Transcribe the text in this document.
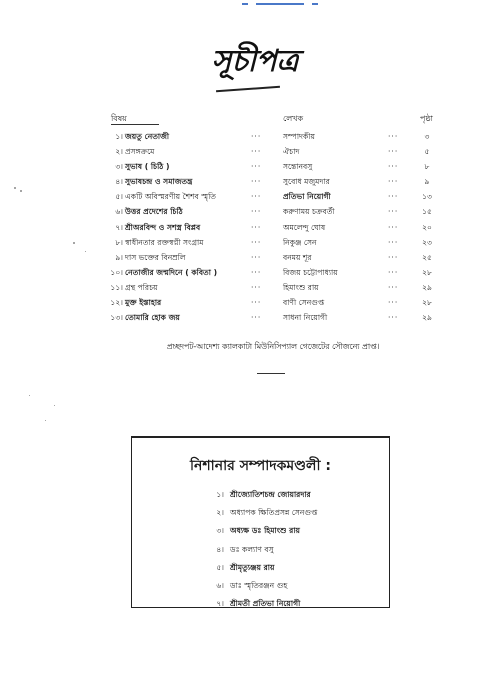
সূচীপত্র
বিষয়	লেখক	পৃষ্ঠা
১। জয়তু নেতাজী	···	সম্পাদকীয়	···	৩
২। প্রসঙ্গক্রমে	···	ঐচাদ	···	৫
৩। সুভাষ ( চিঠি )	···	সন্তোনবসু	···	৮
৪। সুভাষচন্দ্র ও সমাজতন্ত্র	···	সুবোধ মজুমদার	···	৯
৫। একটি অবিস্মরণীয় শৈশব স্মৃতি	···	প্রতিভা নিয়োগী	···	১৩
৬। উত্তর প্রদেশের চিঠি	···	করুণাময় চক্রবর্তী	···	১৫
৭। শ্রীঅরবিন্দ ও সশস্ত্র বিপ্লব	···	অমলেন্দু ঘোষ	···	২০
৮। স্বাধীনতার রক্তস্বপ্নী সংগ্রাম	···	নিকুঞ্জ সেন	···	২৩
৯। দাস ভক্তের বিনম্রলি	···	বনময় শূর	···	২৫
১০। নেতাজীর জন্মদিনে ( কবিতা )	···	বিজয় চট্টোপাধ্যায়	···	২৮
১১। গ্রন্থ পরিচয়	···	হিমাংশু রায়	···	২৯
১২। মুক্ত ইস্তাহার	···	বাণী সেনগুপ্ত	···	২৮
১৩। তোমারি হোক জয়	···	সাধনা নিয়োগী	···	২৯
প্রচ্ছদপট-আদেশ্য ক্যালকাটা মিউনিসিপ্যাল গেজেটের সৌজন্যে প্রাপ্ত।
নিশানার সম্পাদকমণ্ডলী :
১। শ্রীজ্যোতিশচন্দ্র জোয়ারদার
২। অধ্যাপক ক্ষিতিপ্রসন্ন সেনগুপ্ত
৩। অধ্যক্ষ ডঃ হিমাংশু রায়
৪। ডঃ কল্যাণ বসু
৫। শ্রীমৃত্যুঞ্জয় রায়
৬। ডাঃ স্মৃতিরঞ্জন গুহ
৭। শ্রীমতী প্রতিভা নিয়োগী
